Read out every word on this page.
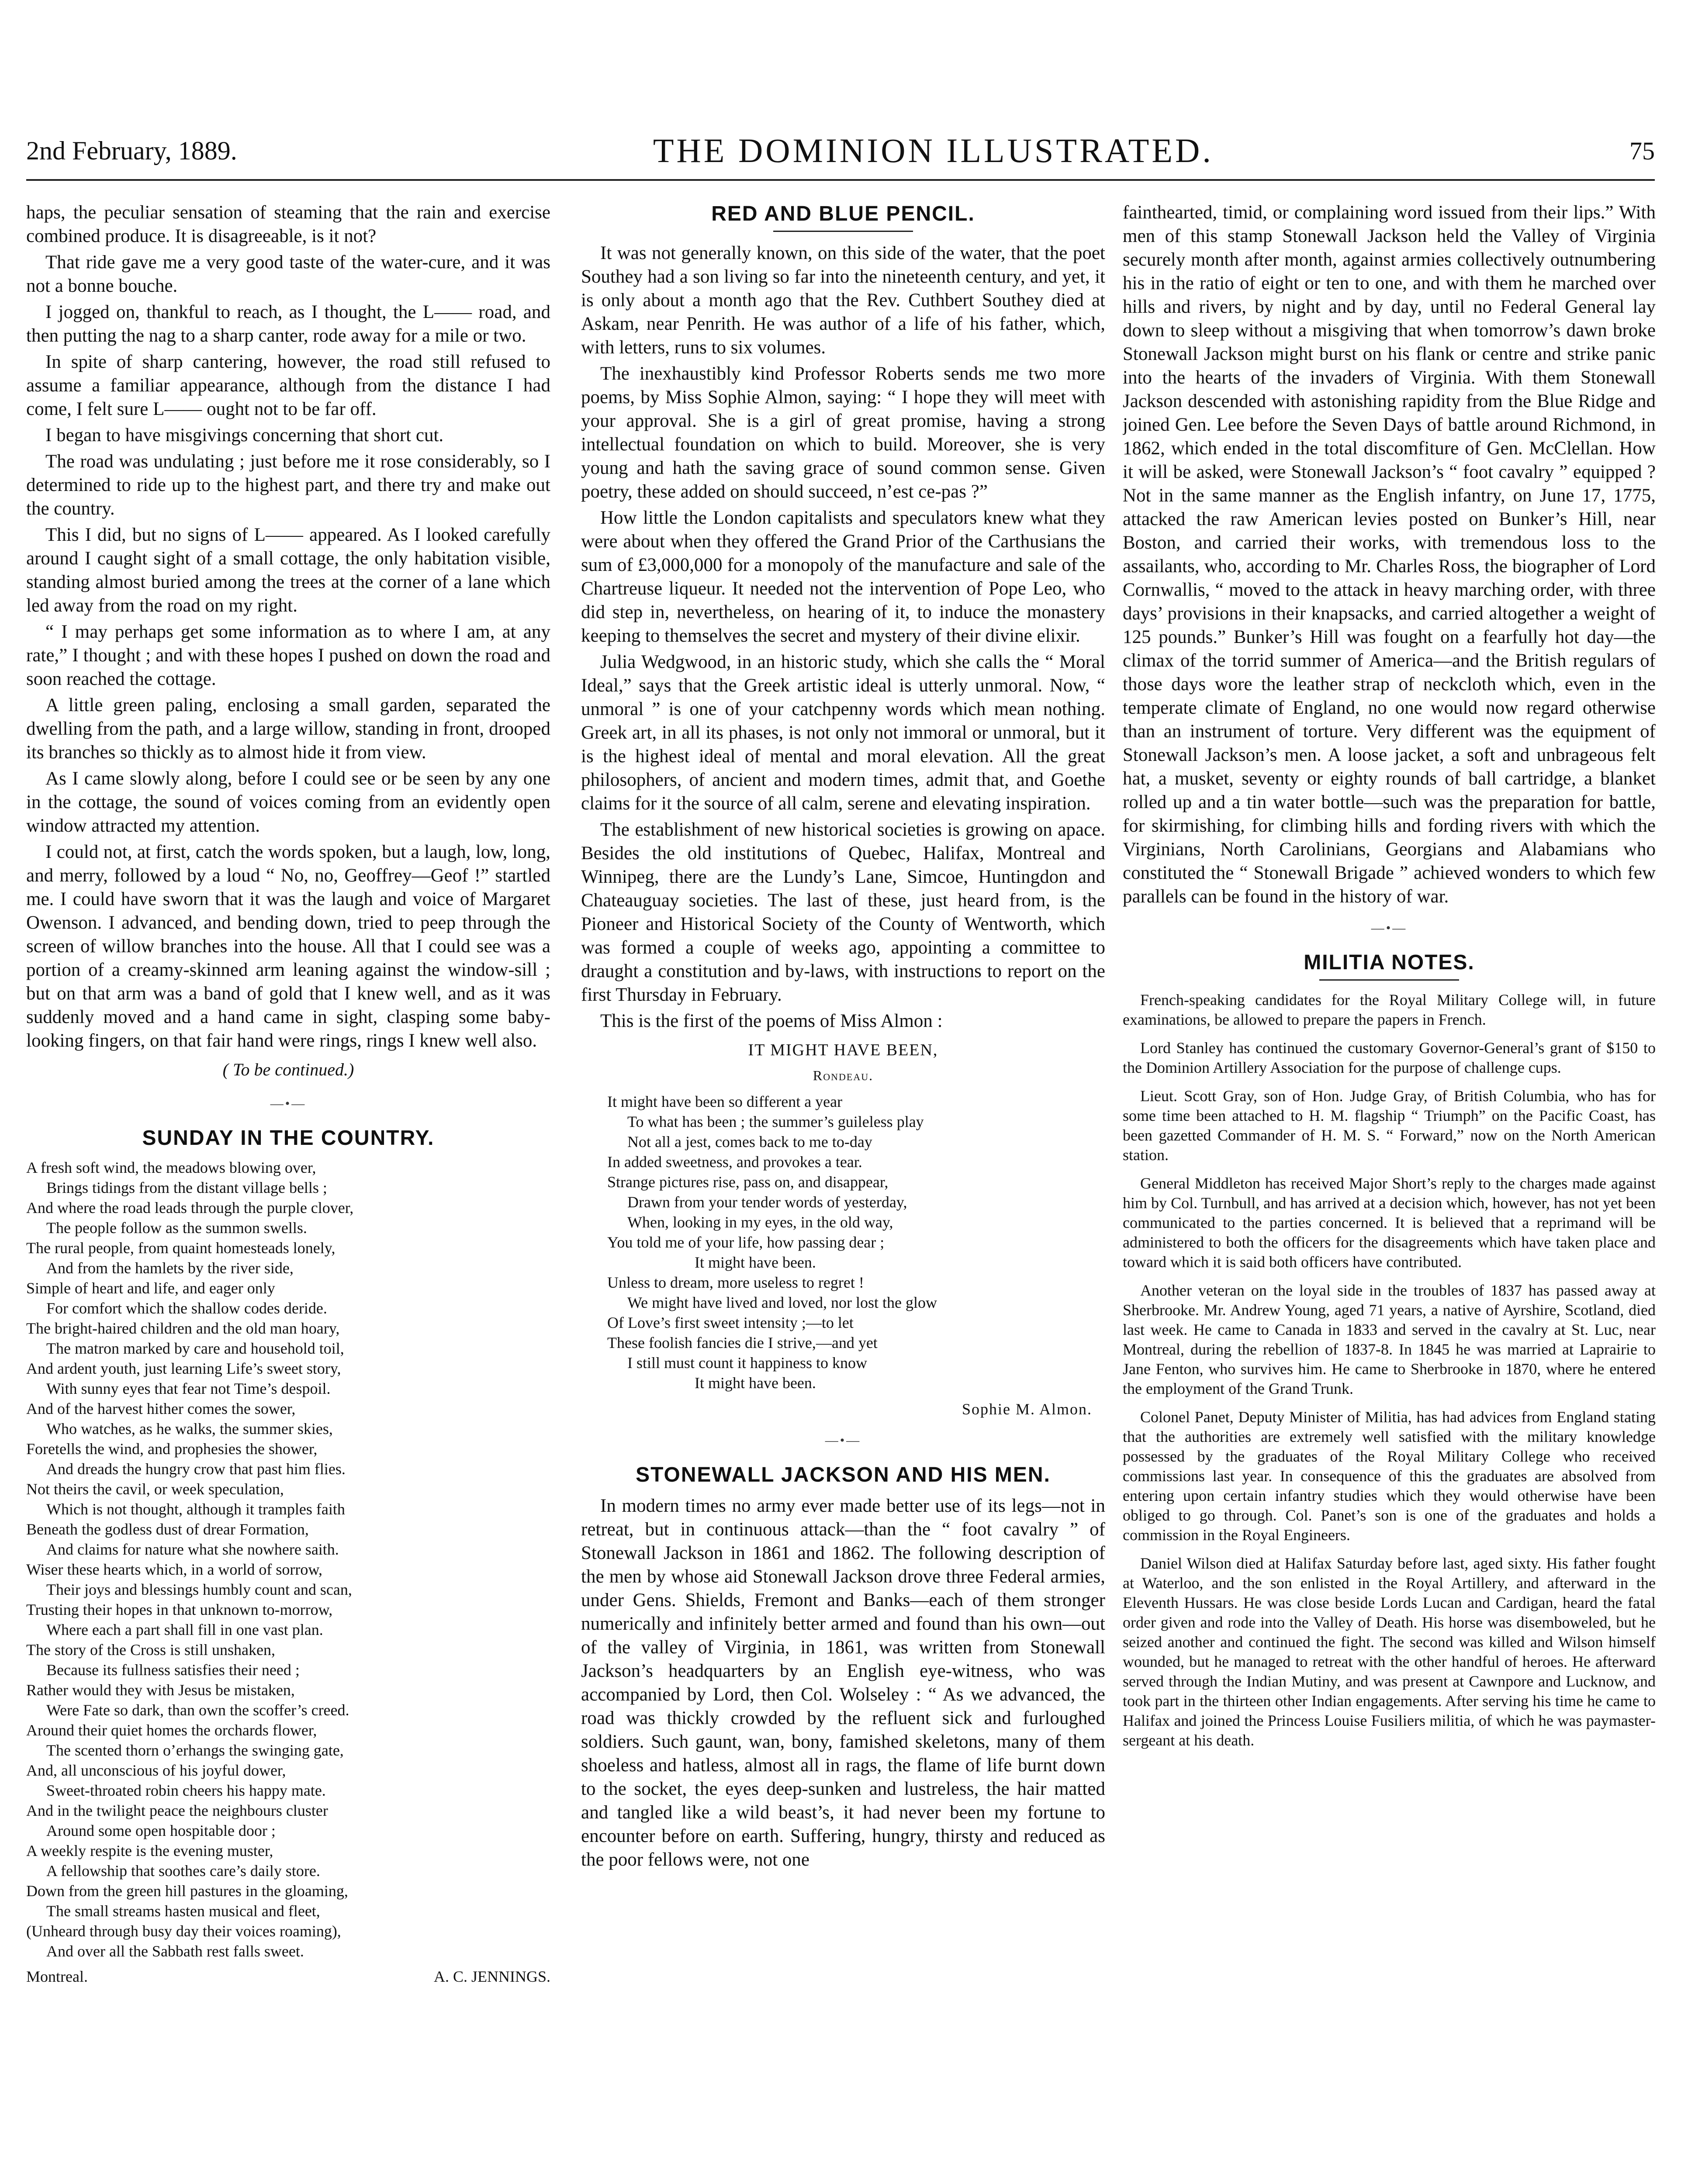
2nd February, 1889.	THE DOMINION ILLUSTRATED.	75

haps, the peculiar sensation of steaming that the rain and exercise combined produce. It is disagreeable, is it not?

That ride gave me a very good taste of the water-cure, and it was not a bonne bouche.

I jogged on, thankful to reach, as I thought, the L—— road, and then putting the nag to a sharp canter, rode away for a mile or two.

In spite of sharp cantering, however, the road still refused to assume a familiar appearance, although from the distance I had come, I felt sure L—— ought not to be far off.

I began to have misgivings concerning that short cut.

The road was undulating ; just before me it rose considerably, so I determined to ride up to the highest part, and there try and make out the country.

This I did, but no signs of L—— appeared. As I looked carefully around I caught sight of a small cottage, the only habitation visible, standing almost buried among the trees at the corner of a lane which led away from the road on my right.

“ I may perhaps get some information as to where I am, at any rate,” I thought ; and with these hopes I pushed on down the road and soon reached the cottage.

A little green paling, enclosing a small garden, separated the dwelling from the path, and a large willow, standing in front, drooped its branches so thickly as to almost hide it from view.

As I came slowly along, before I could see or be seen by any one in the cottage, the sound of voices coming from an evidently open window attracted my attention.

I could not, at first, catch the words spoken, but a laugh, low, long, and merry, followed by a loud “ No, no, Geoffrey—Geof !” startled me. I could have sworn that it was the laugh and voice of Margaret Owenson. I advanced, and bending down, tried to peep through the screen of willow branches into the house. All that I could see was a portion of a creamy-skinned arm leaning against the window-sill ; but on that arm was a band of gold that I knew well, and as it was suddenly moved and a hand came in sight, clasping some baby-looking fingers, on that fair hand were rings, rings I knew well also.

( To be continued.)
—•—
SUNDAY IN THE COUNTRY.
A fresh soft wind, the meadows blowing over,
Brings tidings from the distant village bells ;
And where the road leads through the purple clover,
The people follow as the summon swells.
The rural people, from quaint homesteads lonely,
And from the hamlets by the river side,
Simple of heart and life, and eager only
For comfort which the shallow codes deride.
The bright-haired children and the old man hoary,
The matron marked by care and household toil,
And ardent youth, just learning Life’s sweet story,
With sunny eyes that fear not Time’s despoil.
And of the harvest hither comes the sower,
Who watches, as he walks, the summer skies,
Foretells the wind, and prophesies the shower,
And dreads the hungry crow that past him flies.
Not theirs the cavil, or week speculation,
Which is not thought, although it tramples faith
Beneath the godless dust of drear Formation,
And claims for nature what she nowhere saith.
Wiser these hearts which, in a world of sorrow,
Their joys and blessings humbly count and scan,
Trusting their hopes in that unknown to-morrow,
Where each a part shall fill in one vast plan.
The story of the Cross is still unshaken,
Because its fullness satisfies their need ;
Rather would they with Jesus be mistaken,
Were Fate so dark, than own the scoffer’s creed.
Around their quiet homes the orchards flower,
The scented thorn o’erhangs the swinging gate,
And, all unconscious of his joyful dower,
Sweet-throated robin cheers his happy mate.
And in the twilight peace the neighbours cluster
Around some open hospitable door ;
A weekly respite is the evening muster,
A fellowship that soothes care’s daily store.
Down from the green hill pastures in the gloaming,
The small streams hasten musical and fleet,
(Unheard through busy day their voices roaming),
And over all the Sabbath rest falls sweet.
Montreal.	A. C. JENNINGS.
RED AND BLUE PENCIL.

It was not generally known, on this side of the water, that the poet Southey had a son living so far into the nineteenth century, and yet, it is only about a month ago that the Rev. Cuthbert Southey died at Askam, near Penrith. He was author of a life of his father, which, with letters, runs to six volumes.

The inexhaustibly kind Professor Roberts sends me two more poems, by Miss Sophie Almon, saying: “ I hope they will meet with your approval. She is a girl of great promise, having a strong intellectual foundation on which to build. Moreover, she is very young and hath the saving grace of sound common sense. Given poetry, these added on should succeed, n’est ce-pas ?”

How little the London capitalists and speculators knew what they were about when they offered the Grand Prior of the Carthusians the sum of £3,000,000 for a monopoly of the manufacture and sale of the Chartreuse liqueur. It needed not the intervention of Pope Leo, who did step in, nevertheless, on hearing of it, to induce the monastery keeping to themselves the secret and mystery of their divine elixir.

Julia Wedgwood, in an historic study, which she calls the “ Moral Ideal,” says that the Greek artistic ideal is utterly unmoral. Now, “ unmoral ” is one of your catchpenny words which mean nothing. Greek art, in all its phases, is not only not immoral or unmoral, but it is the highest ideal of mental and moral elevation. All the great philosophers, of ancient and modern times, admit that, and Goethe claims for it the source of all calm, serene and elevating inspiration.

The establishment of new historical societies is growing on apace. Besides the old institutions of Quebec, Halifax, Montreal and Winnipeg, there are the Lundy’s Lane, Simcoe, Huntingdon and Chateauguay societies. The last of these, just heard from, is the Pioneer and Historical Society of the County of Wentworth, which was formed a couple of weeks ago, appointing a committee to draught a constitution and by-laws, with instructions to report on the first Thursday in February.

This is the first of the poems of Miss Almon :

IT MIGHT HAVE BEEN,
Rondeau.
It might have been so different a year
To what has been ; the summer’s guileless play
Not all a jest, comes back to me to-day
In added sweetness, and provokes a tear.
Strange pictures rise, pass on, and disappear,
Drawn from your tender words of yesterday,
When, looking in my eyes, in the old way,
You told me of your life, how passing dear ;
It might have been.
Unless to dream, more useless to regret !
We might have lived and loved, nor lost the glow
Of Love’s first sweet intensity ;—to let
These foolish fancies die I strive,—and yet
I still must count it happiness to know
It might have been.
Sophie M. Almon.
—•—
STONEWALL JACKSON AND HIS MEN.

In modern times no army ever made better use of its legs—not in retreat, but in continuous attack—than the “ foot cavalry ” of Stonewall Jackson in 1861 and 1862. The following description of the men by whose aid Stonewall Jackson drove three Federal armies, under Gens. Shields, Fremont and Banks—each of them stronger numerically and infinitely better armed and found than his own—out of the valley of Virginia, in 1861, was written from Stonewall Jackson’s headquarters by an English eye-witness, who was accompanied by Lord, then Col. Wolseley : “ As we advanced, the road was thickly crowded by the refluent sick and furloughed soldiers. Such gaunt, wan, bony, famished skeletons, many of them shoeless and hatless, almost all in rags, the flame of life burnt down to the socket, the eyes deep-sunken and lustreless, the hair matted and tangled like a wild beast’s, it had never been my fortune to encounter before on earth. Suffering, hungry, thirsty and reduced as the poor fellows were, not one

fainthearted, timid, or complaining word issued from their lips.” With men of this stamp Stonewall Jackson held the Valley of Virginia securely month after month, against armies collectively outnumbering his in the ratio of eight or ten to one, and with them he marched over hills and rivers, by night and by day, until no Federal General lay down to sleep without a misgiving that when tomorrow’s dawn broke Stonewall Jackson might burst on his flank or centre and strike panic into the hearts of the invaders of Virginia. With them Stonewall Jackson descended with astonishing rapidity from the Blue Ridge and joined Gen. Lee before the Seven Days of battle around Richmond, in 1862, which ended in the total discomfiture of Gen. McClellan. How it will be asked, were Stonewall Jackson’s “ foot cavalry ” equipped ? Not in the same manner as the English infantry, on June 17, 1775, attacked the raw American levies posted on Bunker’s Hill, near Boston, and carried their works, with tremendous loss to the assailants, who, according to Mr. Charles Ross, the biographer of Lord Cornwallis, “ moved to the attack in heavy marching order, with three days’ provisions in their knapsacks, and carried altogether a weight of 125 pounds.” Bunker’s Hill was fought on a fearfully hot day—the climax of the torrid summer of America—and the British regulars of those days wore the leather strap of neckcloth which, even in the temperate climate of England, no one would now regard otherwise than an instrument of torture. Very different was the equipment of Stonewall Jackson’s men. A loose jacket, a soft and unbrageous felt hat, a musket, seventy or eighty rounds of ball cartridge, a blanket rolled up and a tin water bottle—such was the preparation for battle, for skirmishing, for climbing hills and fording rivers with which the Virginians, North Carolinians, Georgians and Alabamians who constituted the “ Stonewall Brigade ” achieved wonders to which few parallels can be found in the history of war.

—•—
MILITIA NOTES.

French-speaking candidates for the Royal Military College will, in future examinations, be allowed to prepare the papers in French.

Lord Stanley has continued the customary Governor-General’s grant of $150 to the Dominion Artillery Association for the purpose of challenge cups.

Lieut. Scott Gray, son of Hon. Judge Gray, of British Columbia, who has for some time been attached to H. M. flagship “ Triumph” on the Pacific Coast, has been gazetted Commander of H. M. S. “ Forward,” now on the North American station.

General Middleton has received Major Short’s reply to the charges made against him by Col. Turnbull, and has arrived at a decision which, however, has not yet been communicated to the parties concerned. It is believed that a reprimand will be administered to both the officers for the disagreements which have taken place and toward which it is said both officers have contributed.

Another veteran on the loyal side in the troubles of 1837 has passed away at Sherbrooke. Mr. Andrew Young, aged 71 years, a native of Ayrshire, Scotland, died last week. He came to Canada in 1833 and served in the cavalry at St. Luc, near Montreal, during the rebellion of 1837-8. In 1845 he was married at Laprairie to Jane Fenton, who survives him. He came to Sherbrooke in 1870, where he entered the employment of the Grand Trunk.

Colonel Panet, Deputy Minister of Militia, has had advices from England stating that the authorities are extremely well satisfied with the military knowledge possessed by the graduates of the Royal Military College who received commissions last year. In consequence of this the graduates are absolved from entering upon certain infantry studies which they would otherwise have been obliged to go through. Col. Panet’s son is one of the graduates and holds a commission in the Royal Engineers.

Daniel Wilson died at Halifax Saturday before last, aged sixty. His father fought at Waterloo, and the son enlisted in the Royal Artillery, and afterward in the Eleventh Hussars. He was close beside Lords Lucan and Cardigan, heard the fatal order given and rode into the Valley of Death. His horse was disemboweled, but he seized another and continued the fight. The second was killed and Wilson himself wounded, but he managed to retreat with the other handful of heroes. He afterward served through the Indian Mutiny, and was present at Cawnpore and Lucknow, and took part in the thirteen other Indian engagements. After serving his time he came to Halifax and joined the Princess Louise Fusiliers militia, of which he was paymaster-sergeant at his death.
